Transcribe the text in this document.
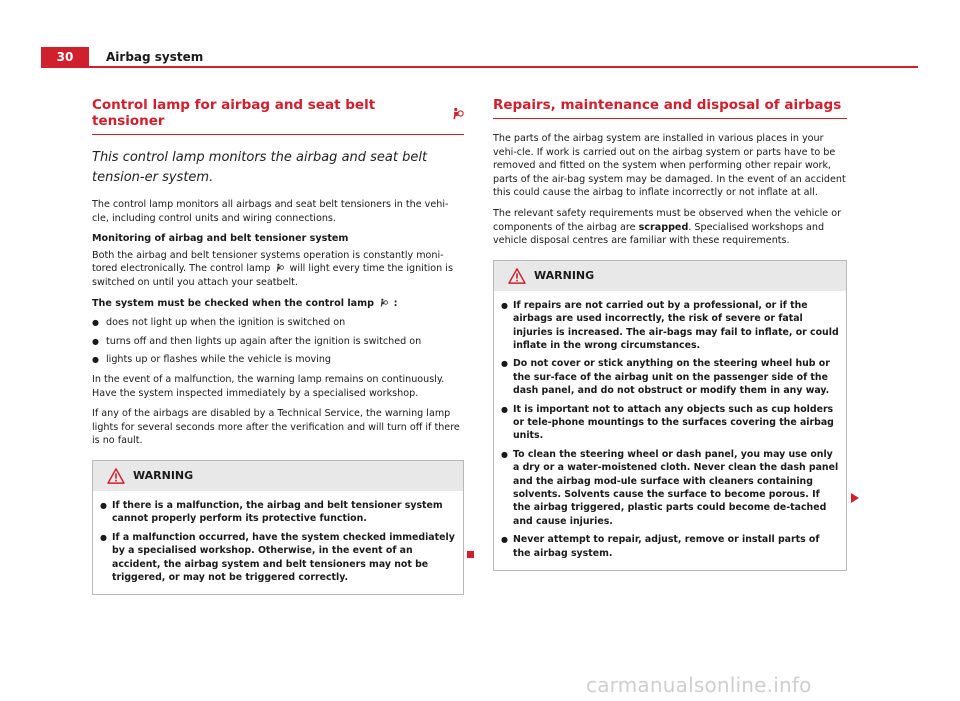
30	Airbag system
Control lamp for airbag and seat belt tensioner
This control lamp monitors the airbag and seat belt tension-er system.

The control lamp monitors all airbags and seat belt tensioners in the vehi-cle, including control units and wiring connections.

Monitoring of airbag and belt tensioner system

Both the airbag and belt tensioner systems operation is constantly moni-tored electronically. The control lamp will light every time the ignition is switched on until you attach your seatbelt.

The system must be checked when the control lamp :

● does not light up when the ignition is switched on
● turns off and then lights up again after the ignition is switched on
● lights up or flashes while the vehicle is moving

In the event of a malfunction, the warning lamp remains on continuously. Have the system inspected immediately by a specialised workshop.

If any of the airbags are disabled by a Technical Service, the warning lamp lights for several seconds more after the verification and will turn off if there is no fault.

WARNING
● If there is a malfunction, the airbag and belt tensioner system cannot properly perform its protective function.
● If a malfunction occurred, have the system checked immediately by a specialised workshop. Otherwise, in the event of an accident, the airbag system and belt tensioners may not be triggered, or may not be triggered correctly.
Repairs, maintenance and disposal of airbags

The parts of the airbag system are installed in various places in your vehi-cle. If work is carried out on the airbag system or parts have to be removed and fitted on the system when performing other repair work, parts of the air-bag system may be damaged. In the event of an accident this could cause the airbag to inflate incorrectly or not inflate at all.

The relevant safety requirements must be observed when the vehicle or components of the airbag are scrapped. Specialised workshops and vehicle disposal centres are familiar with these requirements.

WARNING
● If repairs are not carried out by a professional, or if the airbags are used incorrectly, the risk of severe or fatal injuries is increased. The air-bags may fail to inflate, or could inflate in the wrong circumstances.
● Do not cover or stick anything on the steering wheel hub or the sur-face of the airbag unit on the passenger side of the dash panel, and do not obstruct or modify them in any way.
● It is important not to attach any objects such as cup holders or tele-phone mountings to the surfaces covering the airbag units.
● To clean the steering wheel or dash panel, you may use only a dry or a water-moistened cloth. Never clean the dash panel and the airbag mod-ule surface with cleaners containing solvents. Solvents cause the surface to become porous. If the airbag triggered, plastic parts could become de-tached and cause injuries.
● Never attempt to repair, adjust, remove or install parts of the airbag system.
carmanualsonline.info
